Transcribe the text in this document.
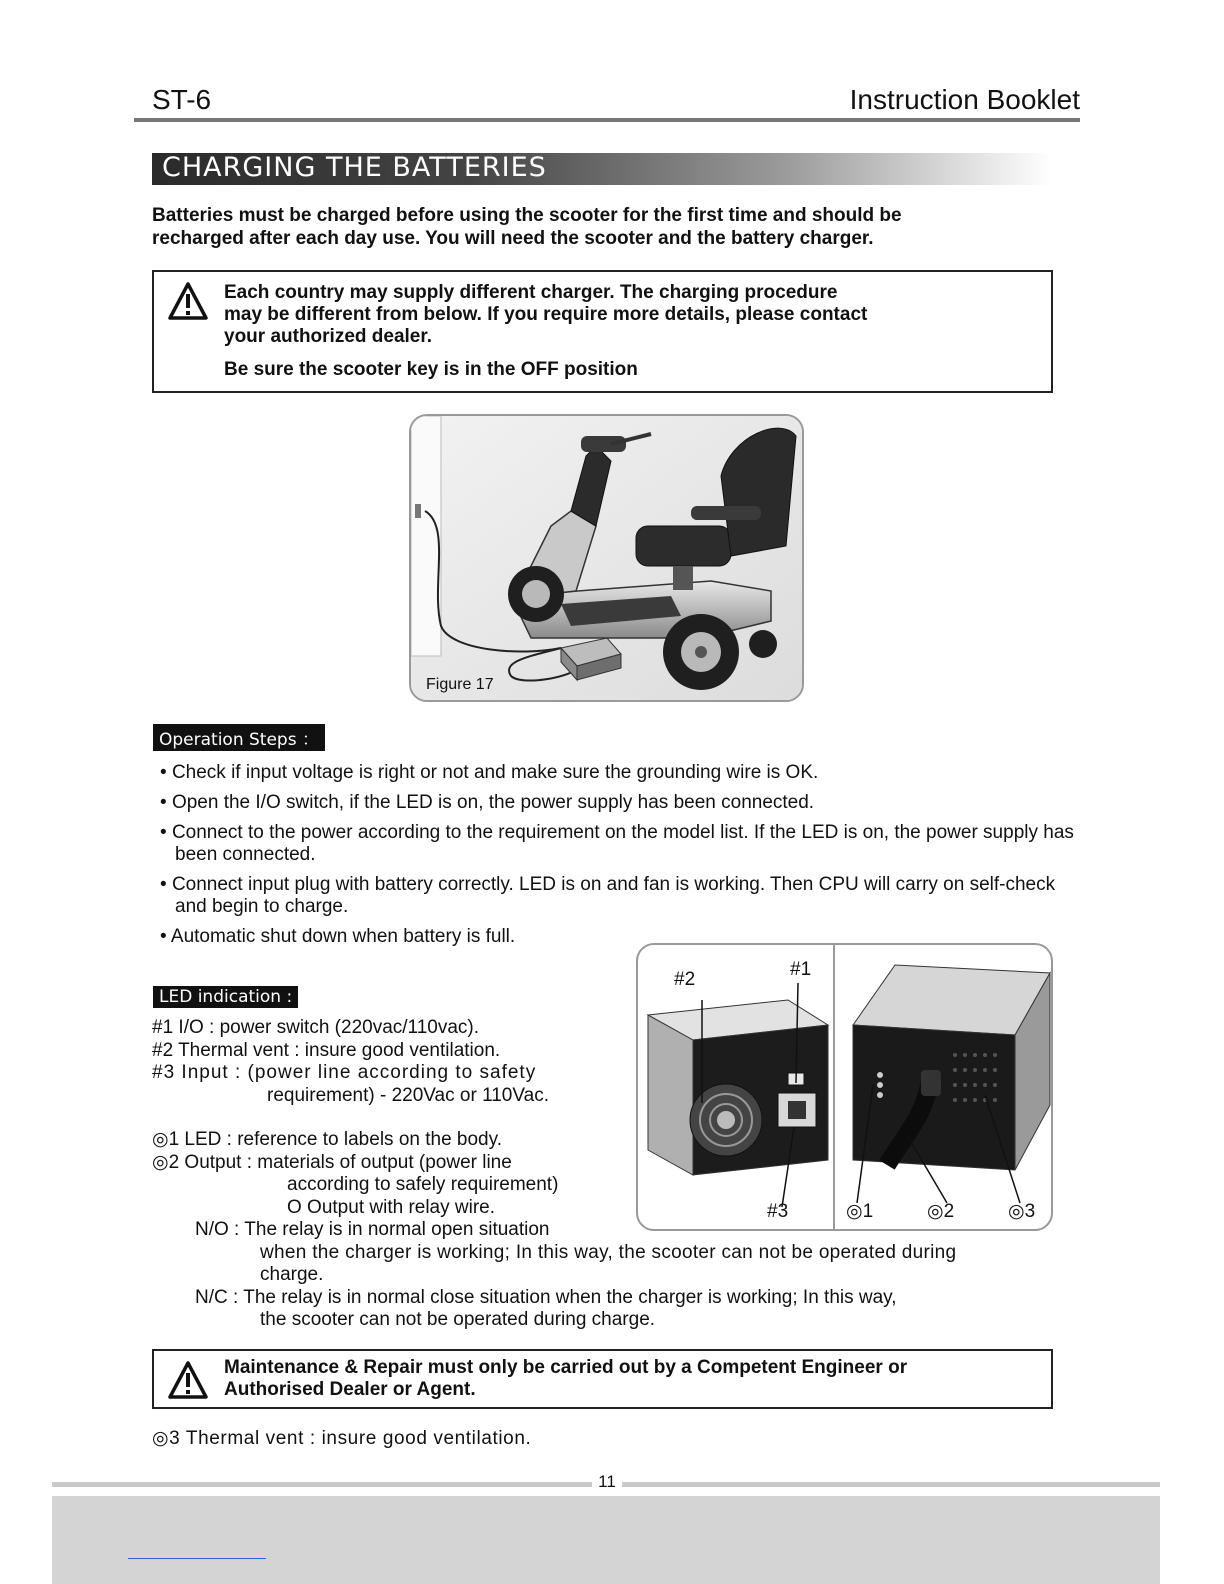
ST-6	Instruction Booklet
CHARGING THE BATTERIES
Batteries must be charged before using the scooter for the first time and should be
recharged after each day use. You will need the scooter and the battery charger.
Each country may supply different charger. The charging procedure
may be different from below. If you require more details, please contact
your authorized dealer.
Be sure the scooter key is in the OFF position
Figure 17
Operation Steps ：
• Check if input voltage is right or not and make sure the grounding wire is OK.
• Open the I/O switch, if the LED is on, the power supply has been connected.
• Connect to the power according to the requirement on the model list. If the LED is on, the power supply has been connected.
• Connect input plug with battery correctly. LED is on and fan is working. Then CPU will carry on self-check and begin to charge.
• Automatic shut down when battery is full.
LED indication :
#1 I/O : power switch (220vac/110vac).
#2 Thermal vent : insure good ventilation.
#3 Input : (power line according to safety
requirement) - 220Vac or 110Vac.
◎1 LED : reference to labels on the body.
◎2 Output : materials of output (power line
according to safely requirement)
O Output with relay wire.
N/O : The relay is in normal open situation
when the charger is working; In this way, the scooter can not be operated during
charge.
N/C : The relay is in normal close situation when the charger is working; In this way,
the scooter can not be operated during charge.
#2	#1
#3	◎1	◎2	◎3
Maintenance & Repair must only be carried out by a Competent Engineer or
Authorised Dealer or Agent.
◎3 Thermal vent : insure good ventilation.
11
